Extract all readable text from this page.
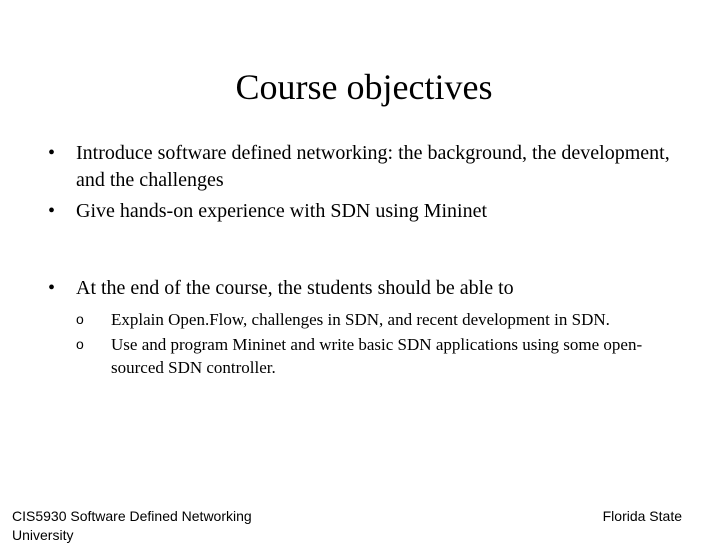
Course objectives
• Introduce software defined networking: the background, the development, and the challenges
• Give hands-on experience with SDN using Mininet
• At the end of the course, the students should be able to
o Explain Open.Flow, challenges in SDN, and recent development in SDN.
o Use and program Mininet and write basic SDN applications using some open-sourced SDN controller.
CIS5930 Software Defined Networking University
Florida State
